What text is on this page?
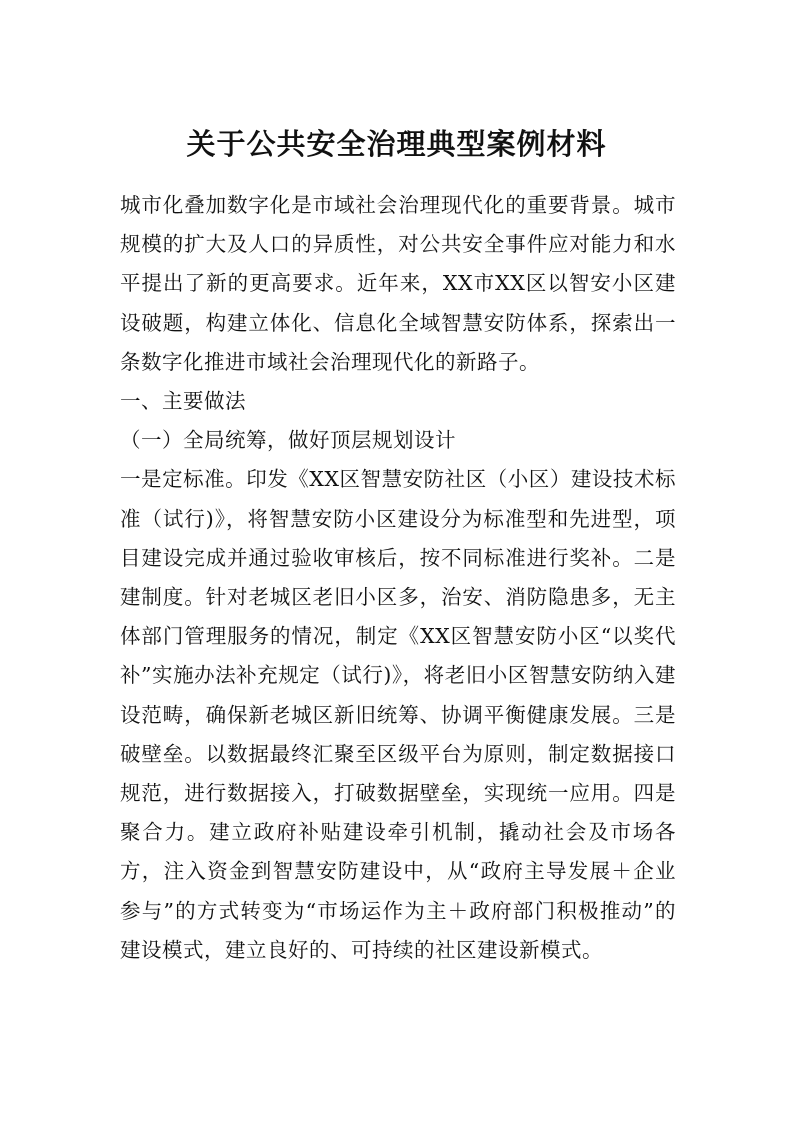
关于公共安全治理典型案例材料

城市化叠加数字化是市域社会治理现代化的重要背景。城市规模的扩大及人口的异质性，对公共安全事件应对能力和水平提出了新的更高要求。近年来，XX市XX区以智安小区建设破题，构建立体化、信息化全域智慧安防体系，探索出一条数字化推进市域社会治理现代化的新路子。

一、主要做法

（一）全局统筹，做好顶层规划设计

一是定标准。印发《XX区智慧安防社区（小区）建设技术标准（试行)》，将智慧安防小区建设分为标准型和先进型，项目建设完成并通过验收审核后，按不同标准进行奖补。二是建制度。针对老城区老旧小区多，治安、消防隐患多，无主体部门管理服务的情况，制定《XX区智慧安防小区“以奖代补”实施办法补充规定（试行)》，将老旧小区智慧安防纳入建设范畴，确保新老城区新旧统筹、协调平衡健康发展。三是破壁垒。以数据最终汇聚至区级平台为原则，制定数据接口规范，进行数据接入，打破数据壁垒，实现统一应用。四是聚合力。建立政府补贴建设牵引机制，撬动社会及市场各方，注入资金到智慧安防建设中，从“政府主导发展＋企业参与”的方式转变为“市场运作为主＋政府部门积极推动”的建设模式，建立良好的、可持续的社区建设新模式。
